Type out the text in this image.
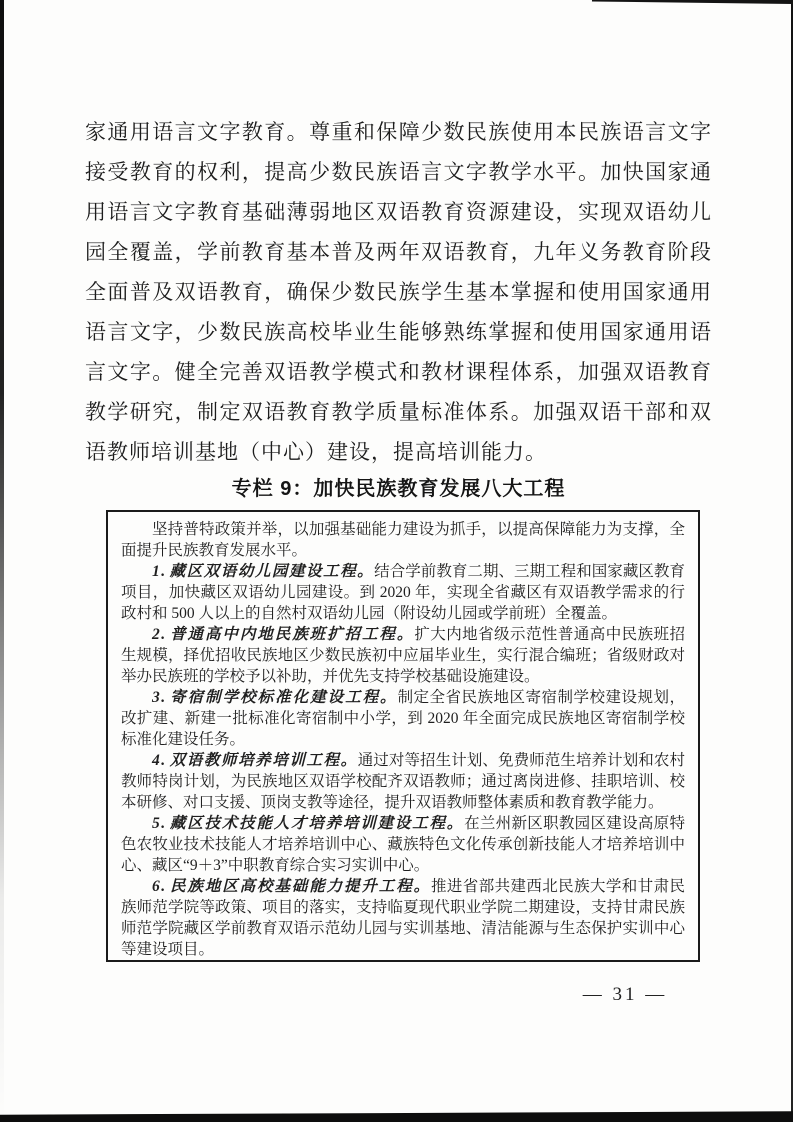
家通用语言文字教育。尊重和保障少数民族使用本民族语言文字
接受教育的权利，提高少数民族语言文字教学水平。加快国家通
用语言文字教育基础薄弱地区双语教育资源建设，实现双语幼儿
园全覆盖，学前教育基本普及两年双语教育，九年义务教育阶段
全面普及双语教育，确保少数民族学生基本掌握和使用国家通用
语言文字，少数民族高校毕业生能够熟练掌握和使用国家通用语
言文字。健全完善双语教学模式和教材课程体系，加强双语教育
教学研究，制定双语教育教学质量标准体系。加强双语干部和双
语教师培训基地（中心）建设，提高培训能力。
专栏 9：加快民族教育发展八大工程

坚持普特政策并举，以加强基础能力建设为抓手，以提高保障能力为支撑，全面提升民族教育发展水平。

1. 藏区双语幼儿园建设工程。结合学前教育二期、三期工程和国家藏区教育项目，加快藏区双语幼儿园建设。到 2020 年，实现全省藏区有双语教学需求的行政村和 500 人以上的自然村双语幼儿园（附设幼儿园或学前班）全覆盖。

2. 普通高中内地民族班扩招工程。扩大内地省级示范性普通高中民族班招生规模，择优招收民族地区少数民族初中应届毕业生，实行混合编班；省级财政对举办民族班的学校予以补助，并优先支持学校基础设施建设。

3. 寄宿制学校标准化建设工程。制定全省民族地区寄宿制学校建设规划，改扩建、新建一批标准化寄宿制中小学，到 2020 年全面完成民族地区寄宿制学校标准化建设任务。

4. 双语教师培养培训工程。通过对等招生计划、免费师范生培养计划和农村教师特岗计划，为民族地区双语学校配齐双语教师；通过离岗进修、挂职培训、校本研修、对口支援、顶岗支教等途径，提升双语教师整体素质和教育教学能力。

5. 藏区技术技能人才培养培训建设工程。在兰州新区职教园区建设高原特色农牧业技术技能人才培养培训中心、藏族特色文化传承创新技能人才培养培训中心、藏区“9＋3”中职教育综合实习实训中心。

6. 民族地区高校基础能力提升工程。推进省部共建西北民族大学和甘肃民族师范学院等政策、项目的落实，支持临夏现代职业学院二期建设，支持甘肃民族师范学院藏区学前教育双语示范幼儿园与实训基地、清洁能源与生态保护实训中心等建设项目。

— 31 —
